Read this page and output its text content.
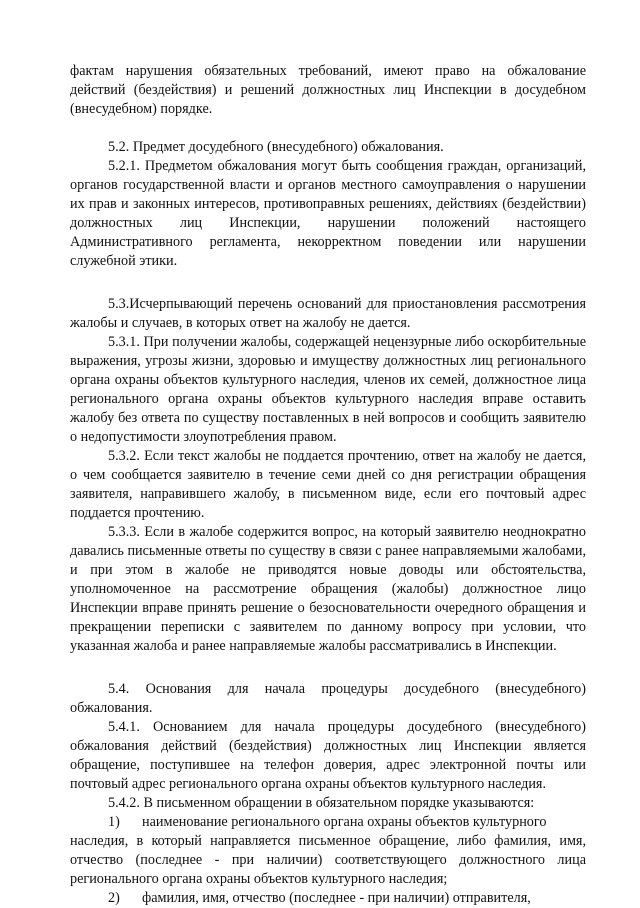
фактам нарушения обязательных требований, имеют право на обжалование действий (бездействия) и решений должностных лиц Инспекции в досудебном (внесудебном) порядке.

5.2. Предмет досудебного (внесудебного) обжалования.

5.2.1. Предметом обжалования могут быть сообщения граждан, организаций, органов государственной власти и органов местного самоуправления о нарушении их прав и законных интересов, противоправных решениях, действиях (бездействии) должностных лиц Инспекции, нарушении положений настоящего Административного регламента, некорректном поведении или нарушении служебной этики.

5.3.Исчерпывающий перечень оснований для приостановления рассмотрения жалобы и случаев, в которых ответ на жалобу не дается.

5.3.1. При получении жалобы, содержащей нецензурные либо оскорбительные выражения, угрозы жизни, здоровью и имуществу должностных лиц регионального органа охраны объектов культурного наследия, членов их семей, должностное лица регионального органа охраны объектов культурного наследия вправе оставить жалобу без ответа по существу поставленных в ней вопросов и сообщить заявителю о недопустимости злоупотребления правом.

5.3.2. Если текст жалобы не поддается прочтению, ответ на жалобу не дается, о чем сообщается заявителю в течение семи дней со дня регистрации обращения заявителя, направившего жалобу, в письменном виде, если его почтовый адрес поддается прочтению.

5.3.3. Если в жалобе содержится вопрос, на который заявителю неоднократно давались письменные ответы по существу в связи с ранее направляемыми жалобами, и при этом в жалобе не приводятся новые доводы или обстоятельства, уполномоченное на рассмотрение обращения (жалобы) должностное лицо Инспекции вправе принять решение о безосновательности очередного обращения и прекращении переписки с заявителем по данному вопросу при условии, что указанная жалоба и ранее направляемые жалобы рассматривались в Инспекции.

5.4. Основания для начала процедуры досудебного (внесудебного) обжалования.

5.4.1. Основанием для начала процедуры досудебного (внесудебного) обжалования действий (бездействия) должностных лиц Инспекции является обращение, поступившее на телефон доверия, адрес электронной почты или почтовый адрес регионального органа охраны объектов культурного наследия.

5.4.2. В письменном обращении в обязательном порядке указываются:

1)	наименование регионального органа охраны объектов культурного

наследия, в который направляется письменное обращение, либо фамилия, имя, отчество (последнее - при наличии) соответствующего должностного лица регионального органа охраны объектов культурного наследия;

2)	фамилия, имя, отчество (последнее - при наличии) отправителя,
